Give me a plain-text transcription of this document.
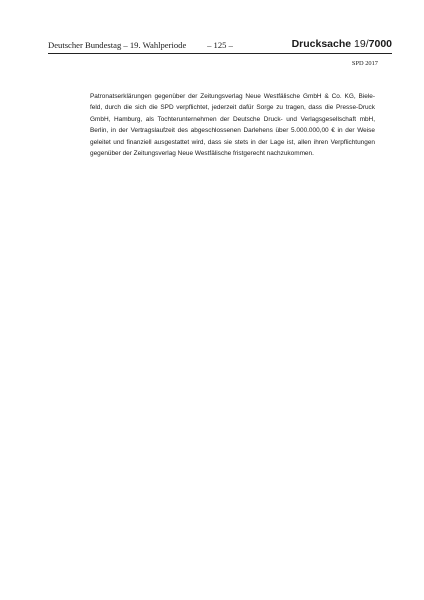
Deutscher Bundestag – 19. Wahlperiode	– 125 –	Drucksache 19/7000
SPD 2017
Patronatserklärungen gegenüber der Zeitungsverlag Neue Westfälische GmbH & Co. KG, Biele-
feld, durch die sich die SPD verpflichtet, jederzeit dafür Sorge zu tragen, dass die Presse-Druck
GmbH, Hamburg, als Tochterunternehmen der Deutsche Druck- und Verlagsgesellschaft mbH,
Berlin, in der Vertragslaufzeit des abgeschlossenen Darlehens über 5.000.000,00 € in der Weise
geleitet und finanziell ausgestattet wird, dass sie stets in der Lage ist, allen ihren Verpflichtungen
gegenüber der Zeitungsverlag Neue Westfälische fristgerecht nachzukommen.
